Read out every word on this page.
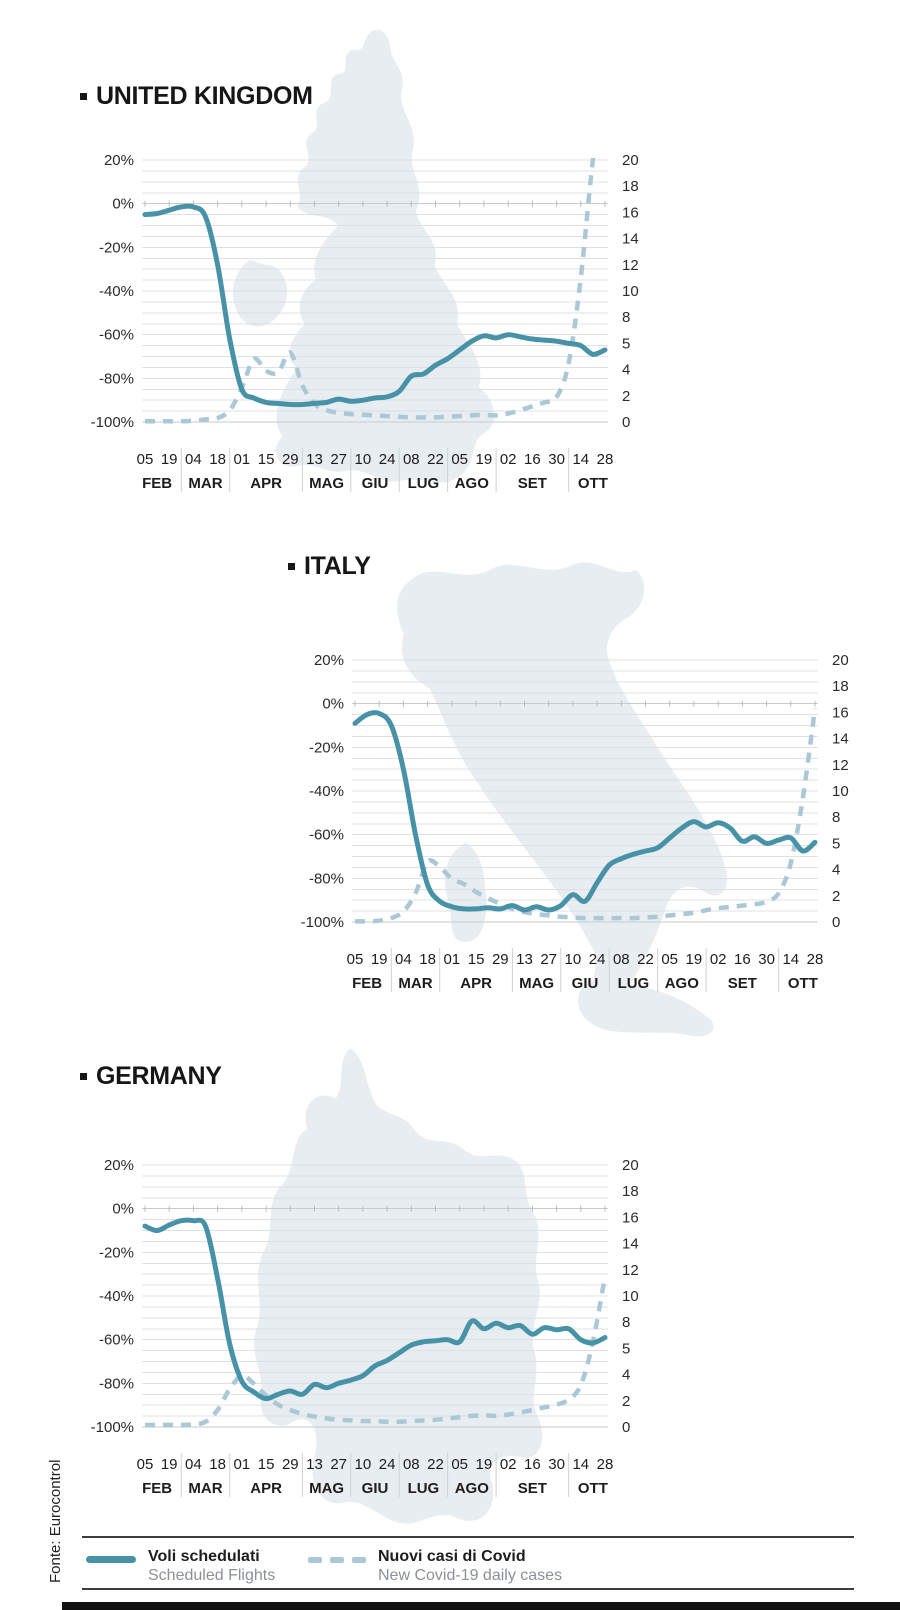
UNITED KINGDOM
ITALY
GERMANY
20%
0%
-20%
-40%
-60%
-80%
-100%
20
18
16
14
12
10
8
5
4
2
0
05 19 04 18 01 15 29 13 27 10 24 08 22 05 19 02 16 30 14 28
FEB MAR APR MAG GIU LUG AGO SET OTT
20%
0%
-20%
-40%
-60%
-80%
-100%
20
18
16
14
12
10
8
5
4
2
0
05 19 04 18 01 15 29 13 27 10 24 08 22 05 19 02 16 30 14 28
FEB MAR APR MAG GIU LUG AGO SET OTT
20%
0%
-20%
-40%
-60%
-80%
-100%
20
18
16
14
12
10
8
5
4
2
0
05 19 04 18 01 15 29 13 27 10 24 08 22 05 19 02 16 30 14 28
FEB MAR APR MAG GIU LUG AGO SET OTT
Fonte: Eurocontrol	Voli schedulati
Scheduled Flights
Nuovi casi di Covid
New Covid-19 daily cases
